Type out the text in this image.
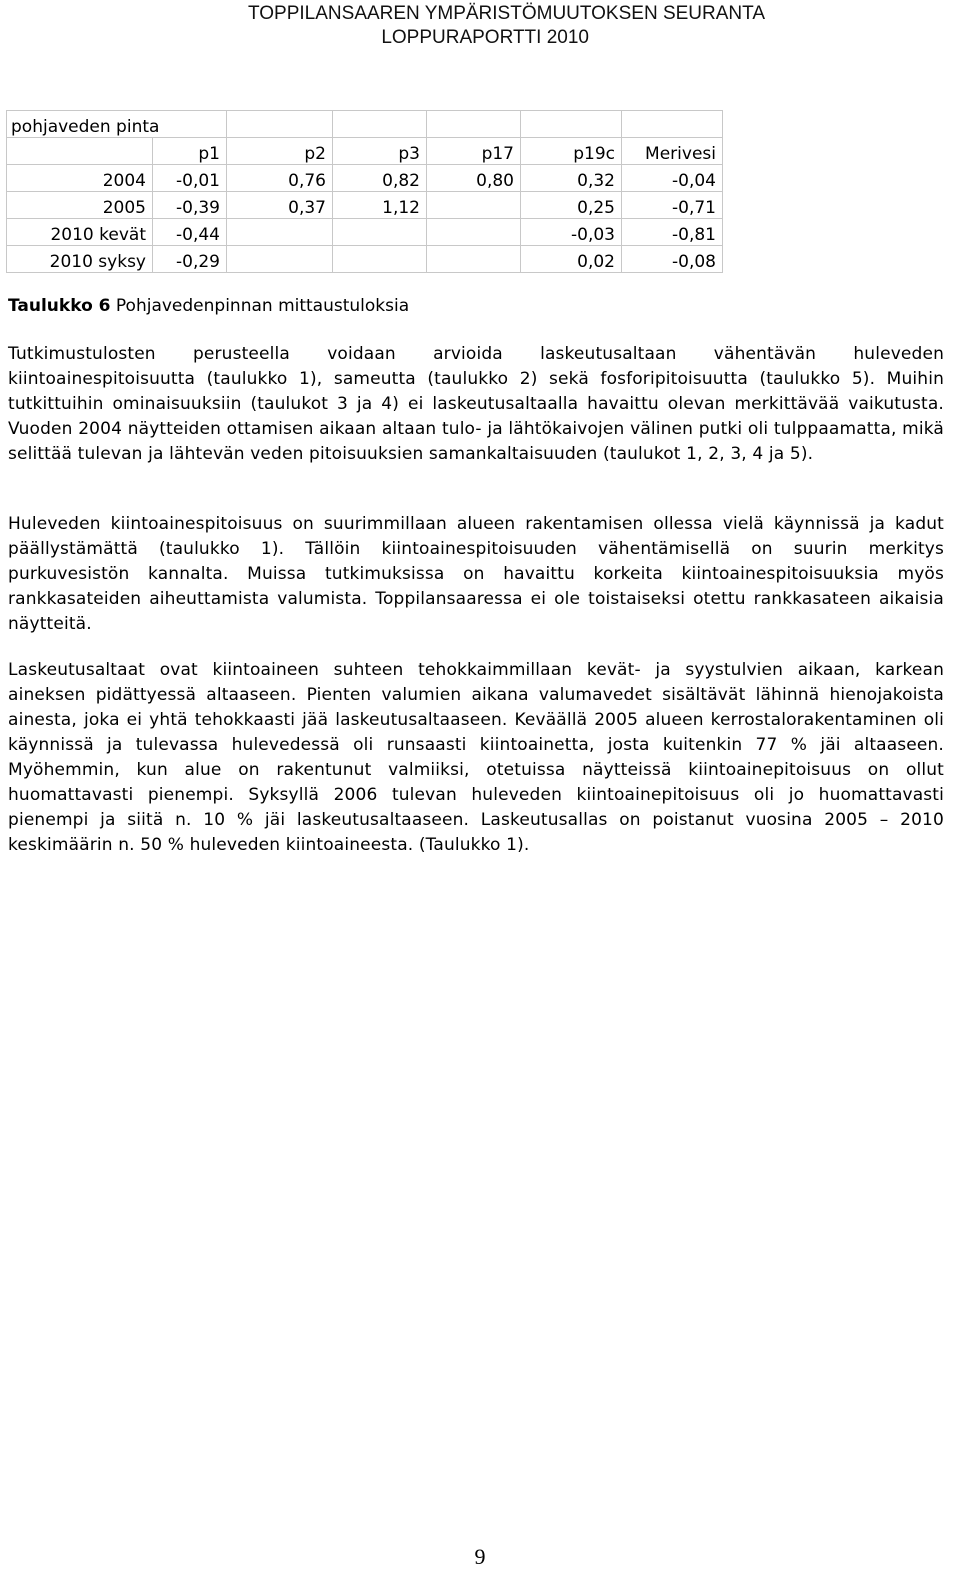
TOPPILANSAAREN YMPÄRISTÖMUUTOKSEN SEURANTA
LOPPURAPORTTI 2010
pohjaveden pinta						
	p1	p2	p3	p17	p19c	Merivesi
2004	-0,01	0,76	0,82	0,80	0,32	-0,04
2005	-0,39	0,37	1,12		0,25	-0,71
2010 kevät	-0,44				-0,03	-0,81
2010 syksy	-0,29				0,02	-0,08
Taulukko 6 Pohjavedenpinnan mittaustuloksia
Tutkimustulosten perusteella voidaan arvioida laskeutusaltaan vähentävän huleveden kiintoainespitoisuutta (taulukko 1), sameutta (taulukko 2) sekä fosforipitoisuutta (taulukko 5). Muihin tutkittuihin ominaisuuksiin (taulukot 3 ja 4) ei laskeutusaltaalla havaittu olevan merkittävää vaikutusta. Vuoden 2004 näytteiden ottamisen aikaan altaan tulo- ja lähtökaivojen välinen putki oli tulppaamatta, mikä selittää tulevan ja lähtevän veden pitoisuuksien samankaltaisuuden (taulukot 1, 2, 3, 4 ja 5).
Huleveden kiintoainespitoisuus on suurimmillaan alueen rakentamisen ollessa vielä käynnissä ja kadut päällystämättä (taulukko 1). Tällöin kiintoainespitoisuuden vähentämisellä on suurin merkitys purkuvesistön kannalta. Muissa tutkimuksissa on havaittu korkeita kiintoainespitoisuuksia myös rankkasateiden aiheuttamista valumista. Toppilansaaressa ei ole toistaiseksi otettu rankkasateen aikaisia näytteitä.
Laskeutusaltaat ovat kiintoaineen suhteen tehokkaimmillaan kevät- ja syystulvien aikaan, karkean aineksen pidättyessä altaaseen. Pienten valumien aikana valumavedet sisältävät lähinnä hienojakoista ainesta, joka ei yhtä tehokkaasti jää laskeutusaltaaseen. Keväällä 2005 alueen kerrostalorakentaminen oli käynnissä ja tulevassa hulevedessä oli runsaasti kiintoainetta, josta kuitenkin 77 % jäi altaaseen. Myöhemmin, kun alue on rakentunut valmiiksi, otetuissa näytteissä kiintoainepitoisuus on ollut huomattavasti pienempi. Syksyllä 2006 tulevan huleveden kiintoainepitoisuus oli jo huomattavasti pienempi ja siitä n. 10 % jäi laskeutusaltaaseen. Laskeutusallas on poistanut vuosina 2005 – 2010 keskimäärin n. 50 % huleveden kiintoaineesta. (Taulukko 1).
9
